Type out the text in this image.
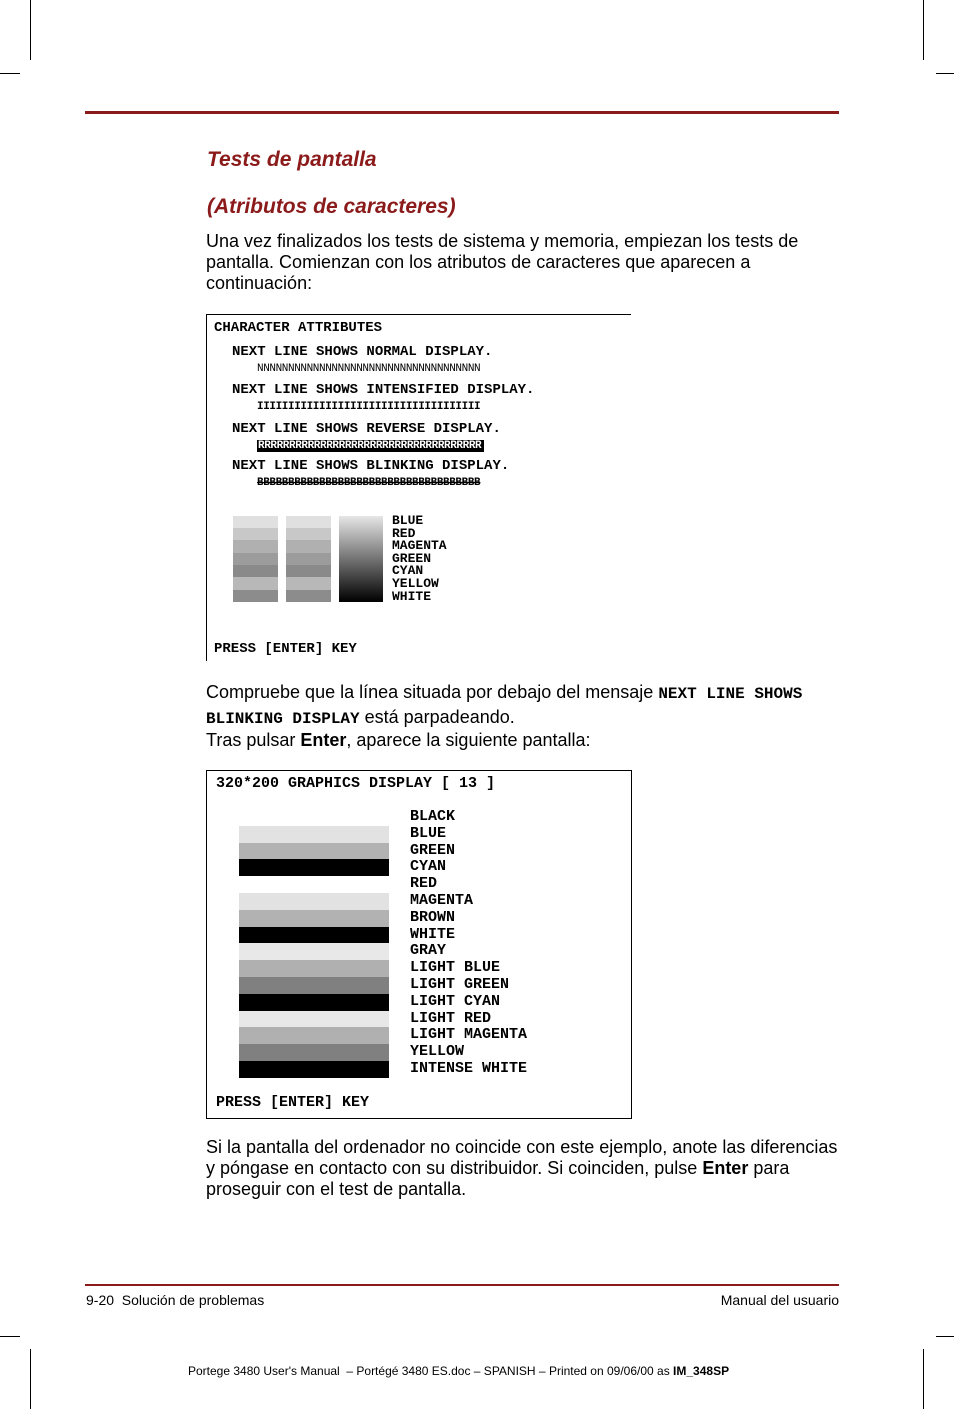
Tests de pantalla
(Atributos de caracteres)

Una vez finalizados los tests de sistema y memoria, empiezan los tests de pantalla. Comienzan con los atributos de caracteres que aparecen a continuación:

CHARACTER ATTRIBUTES

NEXT LINE SHOWS NORMAL DISPLAY.

NNNNNNNNNNNNNNNNNNNNNNNNNNNNNNNNNNNN

NEXT LINE SHOWS INTENSIFIED DISPLAY.

IIIIIIIIIIIIIIIIIIIIIIIIIIIIIIIIIIII

NEXT LINE SHOWS REVERSE DISPLAY.

RRRRRRRRRRRRRRRRRRRRRRRRRRRRRRRRRRRR

NEXT LINE SHOWS BLINKING DISPLAY.

BBBBBBBBBBBBBBBBBBBBBBBBBBBBBBBBBBBB

BLUE
RED
MAGENTA
GREEN
CYAN
YELLOW
WHITE

PRESS [ENTER] KEY

Compruebe que la línea situada por debajo del mensaje NEXT LINE SHOWS BLINKING DISPLAY está parpadeando.

Tras pulsar Enter, aparece la siguiente pantalla:

320*200 GRAPHICS DISPLAY [ 13 ]

BLACK
BLUE
GREEN
CYAN
RED
MAGENTA
BROWN
WHITE
GRAY
LIGHT BLUE
LIGHT GREEN
LIGHT CYAN
LIGHT RED
LIGHT MAGENTA
YELLOW
INTENSE WHITE

PRESS [ENTER] KEY

Si la pantalla del ordenador no coincide con este ejemplo, anote las diferencias y póngase en contacto con su distribuidor. Si coinciden, pulse Enter para proseguir con el test de pantalla.

9-20  Solución de problemas	Manual del usuario
Portege 3480 User's Manual  – Portégé 3480 ES.doc – SPANISH – Printed on 09/06/00 as IM_348SP
